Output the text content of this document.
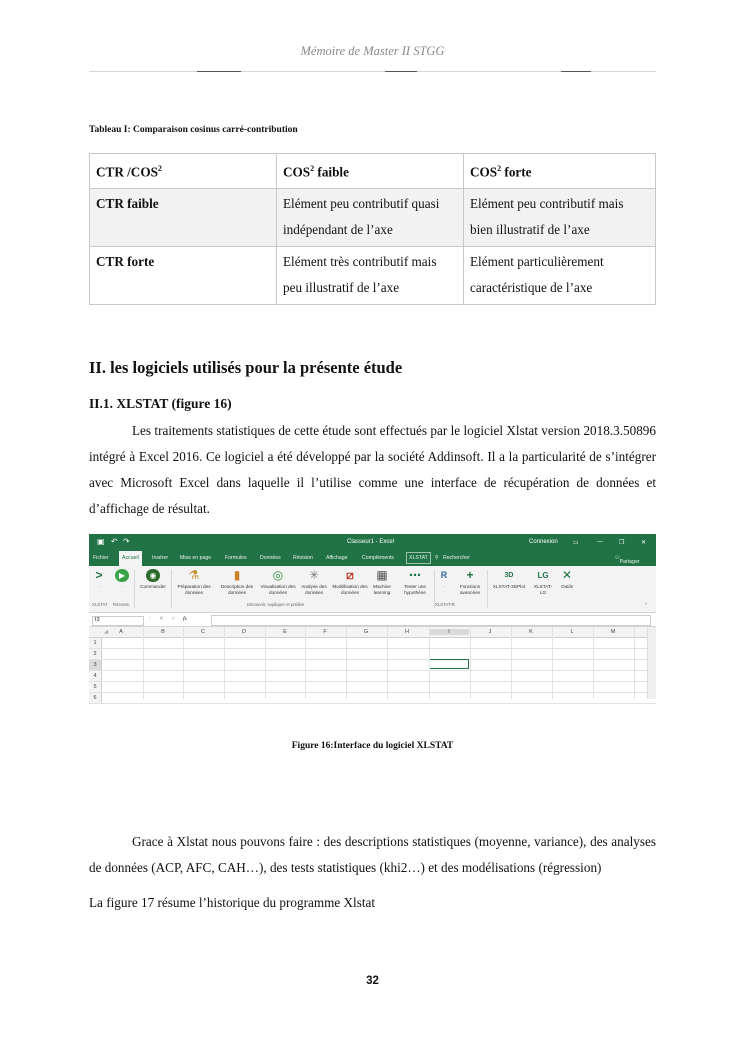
Mémoire de Master II STGG
Tableau I: Comparaison cosinus carré-contribution
CTR /COS$^2$	COS$^2$ faible	COS$^2$ forte
CTR faible	Elément peu contributif quasi indépendant de l’axe	Elément peu contributif mais bien illustratif de l’axe
CTR forte	Elément très contributif mais peu illustratif de l’axe	Elément particulièrement caractéristique de l’axe
II. les logiciels utilisés pour la présente étude
II.1. XLSTAT (figure 16)
Les traitements statistiques de cette étude sont effectués par le logiciel Xlstat version 2018.3.50896 intégré à Excel 2016. Ce logiciel a été développé par la société Addinsoft. Il a la particularité de s’intégrer avec Microsoft Excel dans laquelle il l’utilise comme une interface de récupération de données et d’affichage de résultat.
▣ ↶ ↷	Classeur1 - Excel	Connexion	▭	—	❐	✕
Fichier	Accueil	Insérer Mise en page	Formules	Données Révision	Affichage	Compléments	XLSTAT	⚲ Rechercher	⚇
Partager
>
·
▶
·
◉
Commander
⚗
Préparation des données
▮
Description des données
◎
Visualisation des données
✳
Analyse des données
⧄
Modélisation des données
▦
Machine learning
⋯
Tester une hypothèse
R
·
+
Fonctions avancées
3D
XLSTAT-3DPlot
LG
XLSTAT-LG
✕
Outils
XLSTAT Récents	Découvrir, expliquer et prédire	XLSTAT-R	^
I3	⋮ ✕ ✓ fx
◢	A	B	C	D	E	F	G	H	I	J	K	L	M
1
2
3
4
5
6
Figure 16:Interface du logiciel XLSTAT
Grace à Xlstat nous pouvons faire : des descriptions statistiques (moyenne, variance), des analyses de données (ACP, AFC, CAH…), des tests statistiques (khi2…) et des modélisations (régression)
La figure 17 résume l’historique du programme Xlstat
32
